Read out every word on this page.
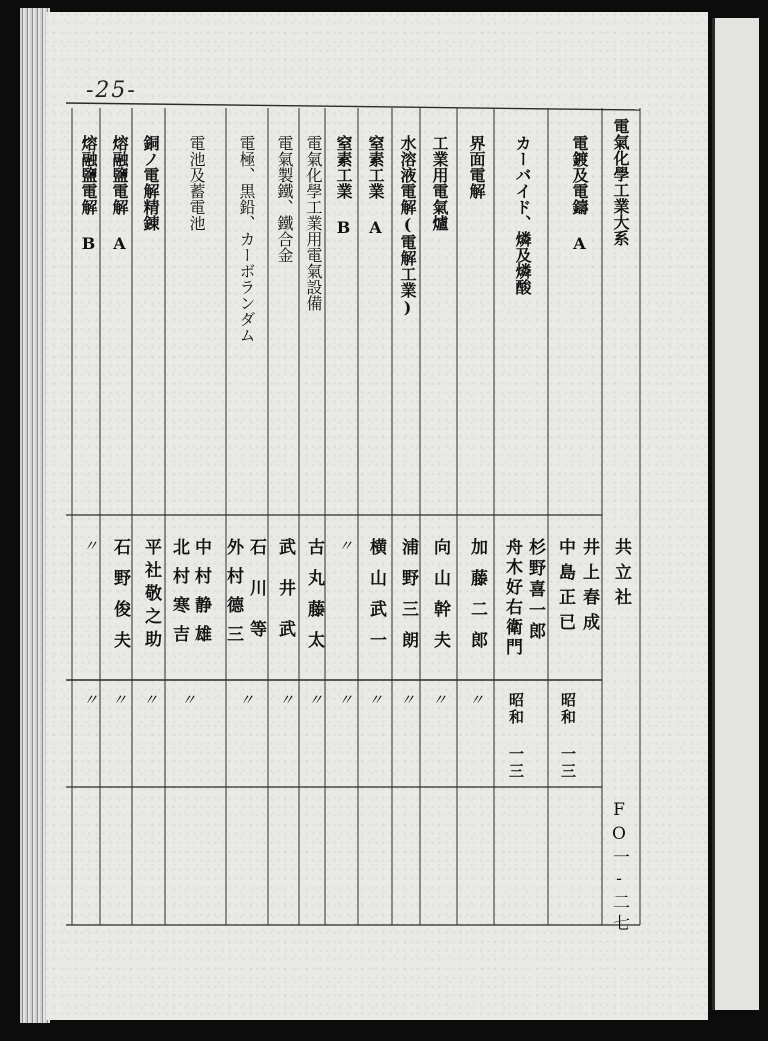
-25-
電氣化學工業大系
共立社
FO一-二七
電鍍及電鑄 A
井上春成
中島正已
昭和 一三
カーバイド、燐及燐酸
杉野喜一郎
舟木好右衛門
昭和 一三
界面電解
加藤二郎
〃
工業用電氣爐
向山幹夫
〃
水溶液電解(電解工業)
浦野三朗
〃
窒素工業 A
横山武一
〃
窒素工業 B
〃
〃
電氣化學工業用電氣設備
古丸藤太
〃
電氣製鐵、鐵合金
武井武
〃
電極、黒鉛、カーボランダム
石川等
外村德三
〃
電池及蓄電池
中村静雄
北村寒吉
〃
銅ノ電解精錬
平社敬之助
〃
熔融鹽電解 A
石野俊夫
〃
熔融鹽電解 B
〃
〃
